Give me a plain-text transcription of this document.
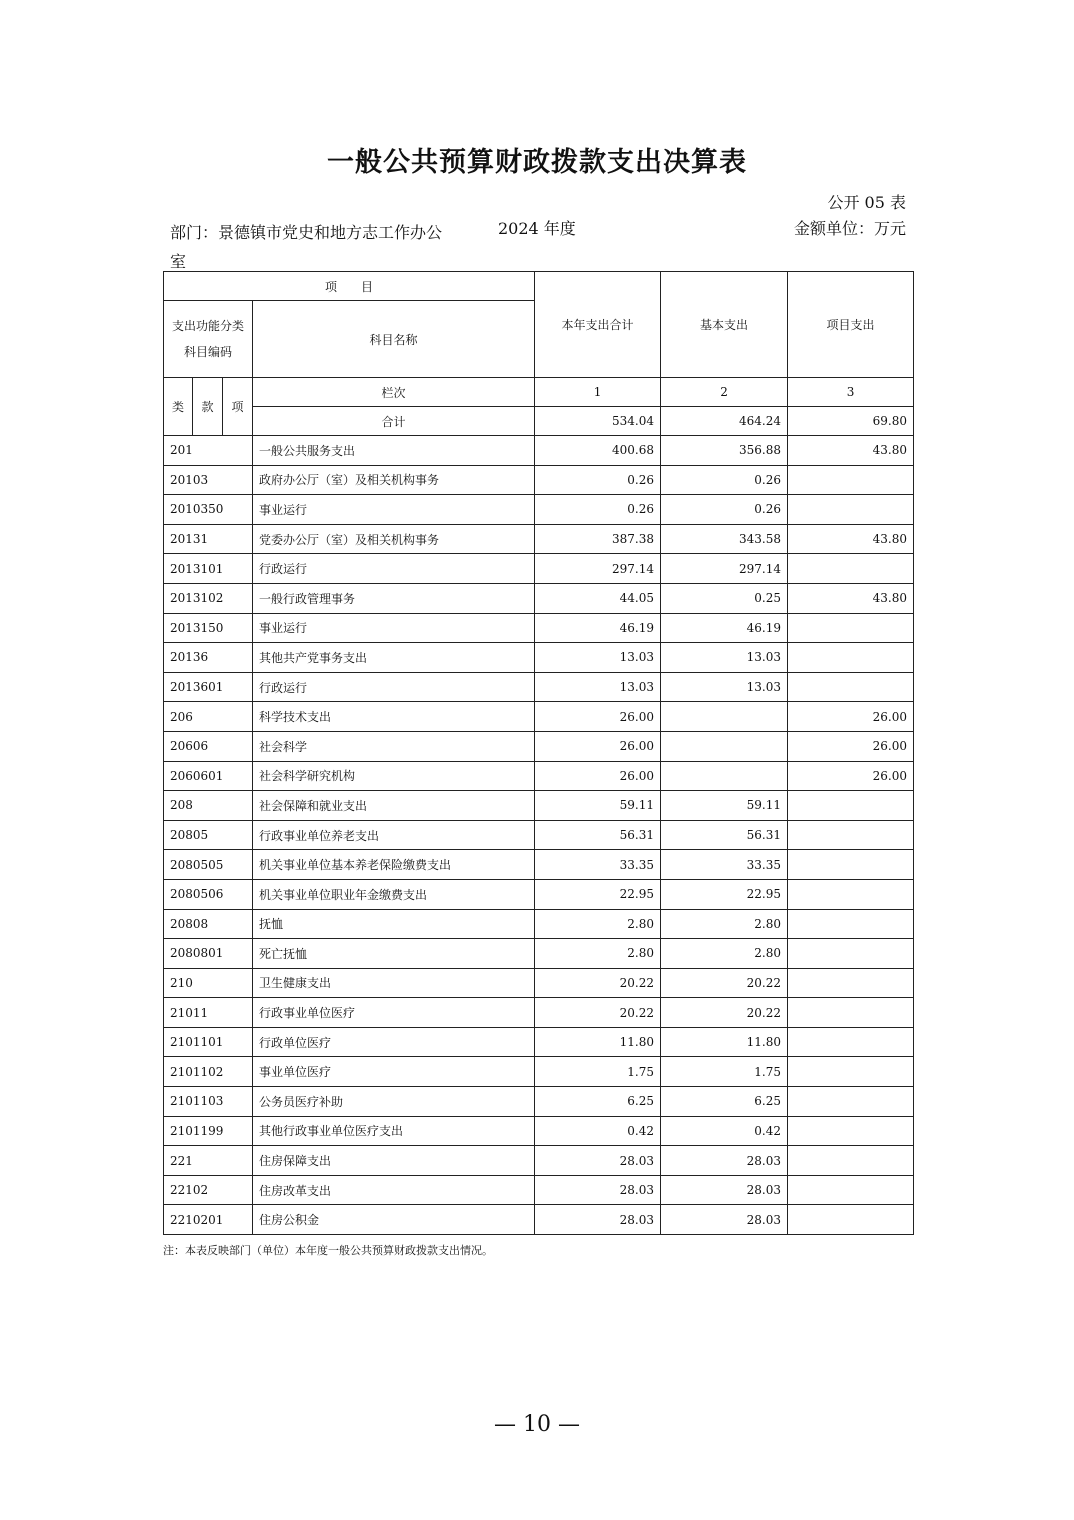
一般公共预算财政拨款支出决算表
公开 05 表
部门：景德镇市党史和地方志工作办公室
2024 年度	金额单位：万元
项　　目				本年支出合计	基本支出	项目支出
支出功能分类科目编码			科目名称			
类	款	项	栏次	1	2	3
			合计	534.04	464.24	69.80
201			一般公共服务支出	400.68	356.88	43.80
20103			政府办公厅（室）及相关机构事务	0.26	0.26	
2010350			事业运行	0.26	0.26	
20131			党委办公厅（室）及相关机构事务	387.38	343.58	43.80
2013101			行政运行	297.14	297.14	
2013102			一般行政管理事务	44.05	0.25	43.80
2013150			事业运行	46.19	46.19	
20136			其他共产党事务支出	13.03	13.03	
2013601			行政运行	13.03	13.03	
206			科学技术支出	26.00		26.00
20606			社会科学	26.00		26.00
2060601			社会科学研究机构	26.00		26.00
208			社会保障和就业支出	59.11	59.11	
20805			行政事业单位养老支出	56.31	56.31	
2080505			机关事业单位基本养老保险缴费支出	33.35	33.35	
2080506			机关事业单位职业年金缴费支出	22.95	22.95	
20808			抚恤	2.80	2.80	
2080801			死亡抚恤	2.80	2.80	
210			卫生健康支出	20.22	20.22	
21011			行政事业单位医疗	20.22	20.22	
2101101			行政单位医疗	11.80	11.80	
2101102			事业单位医疗	1.75	1.75	
2101103			公务员医疗补助	6.25	6.25	
2101199			其他行政事业单位医疗支出	0.42	0.42	
221			住房保障支出	28.03	28.03	
22102			住房改革支出	28.03	28.03	
2210201			住房公积金	28.03	28.03	
注：本表反映部门（单位）本年度一般公共预算财政拨款支出情况。
— 10 —
